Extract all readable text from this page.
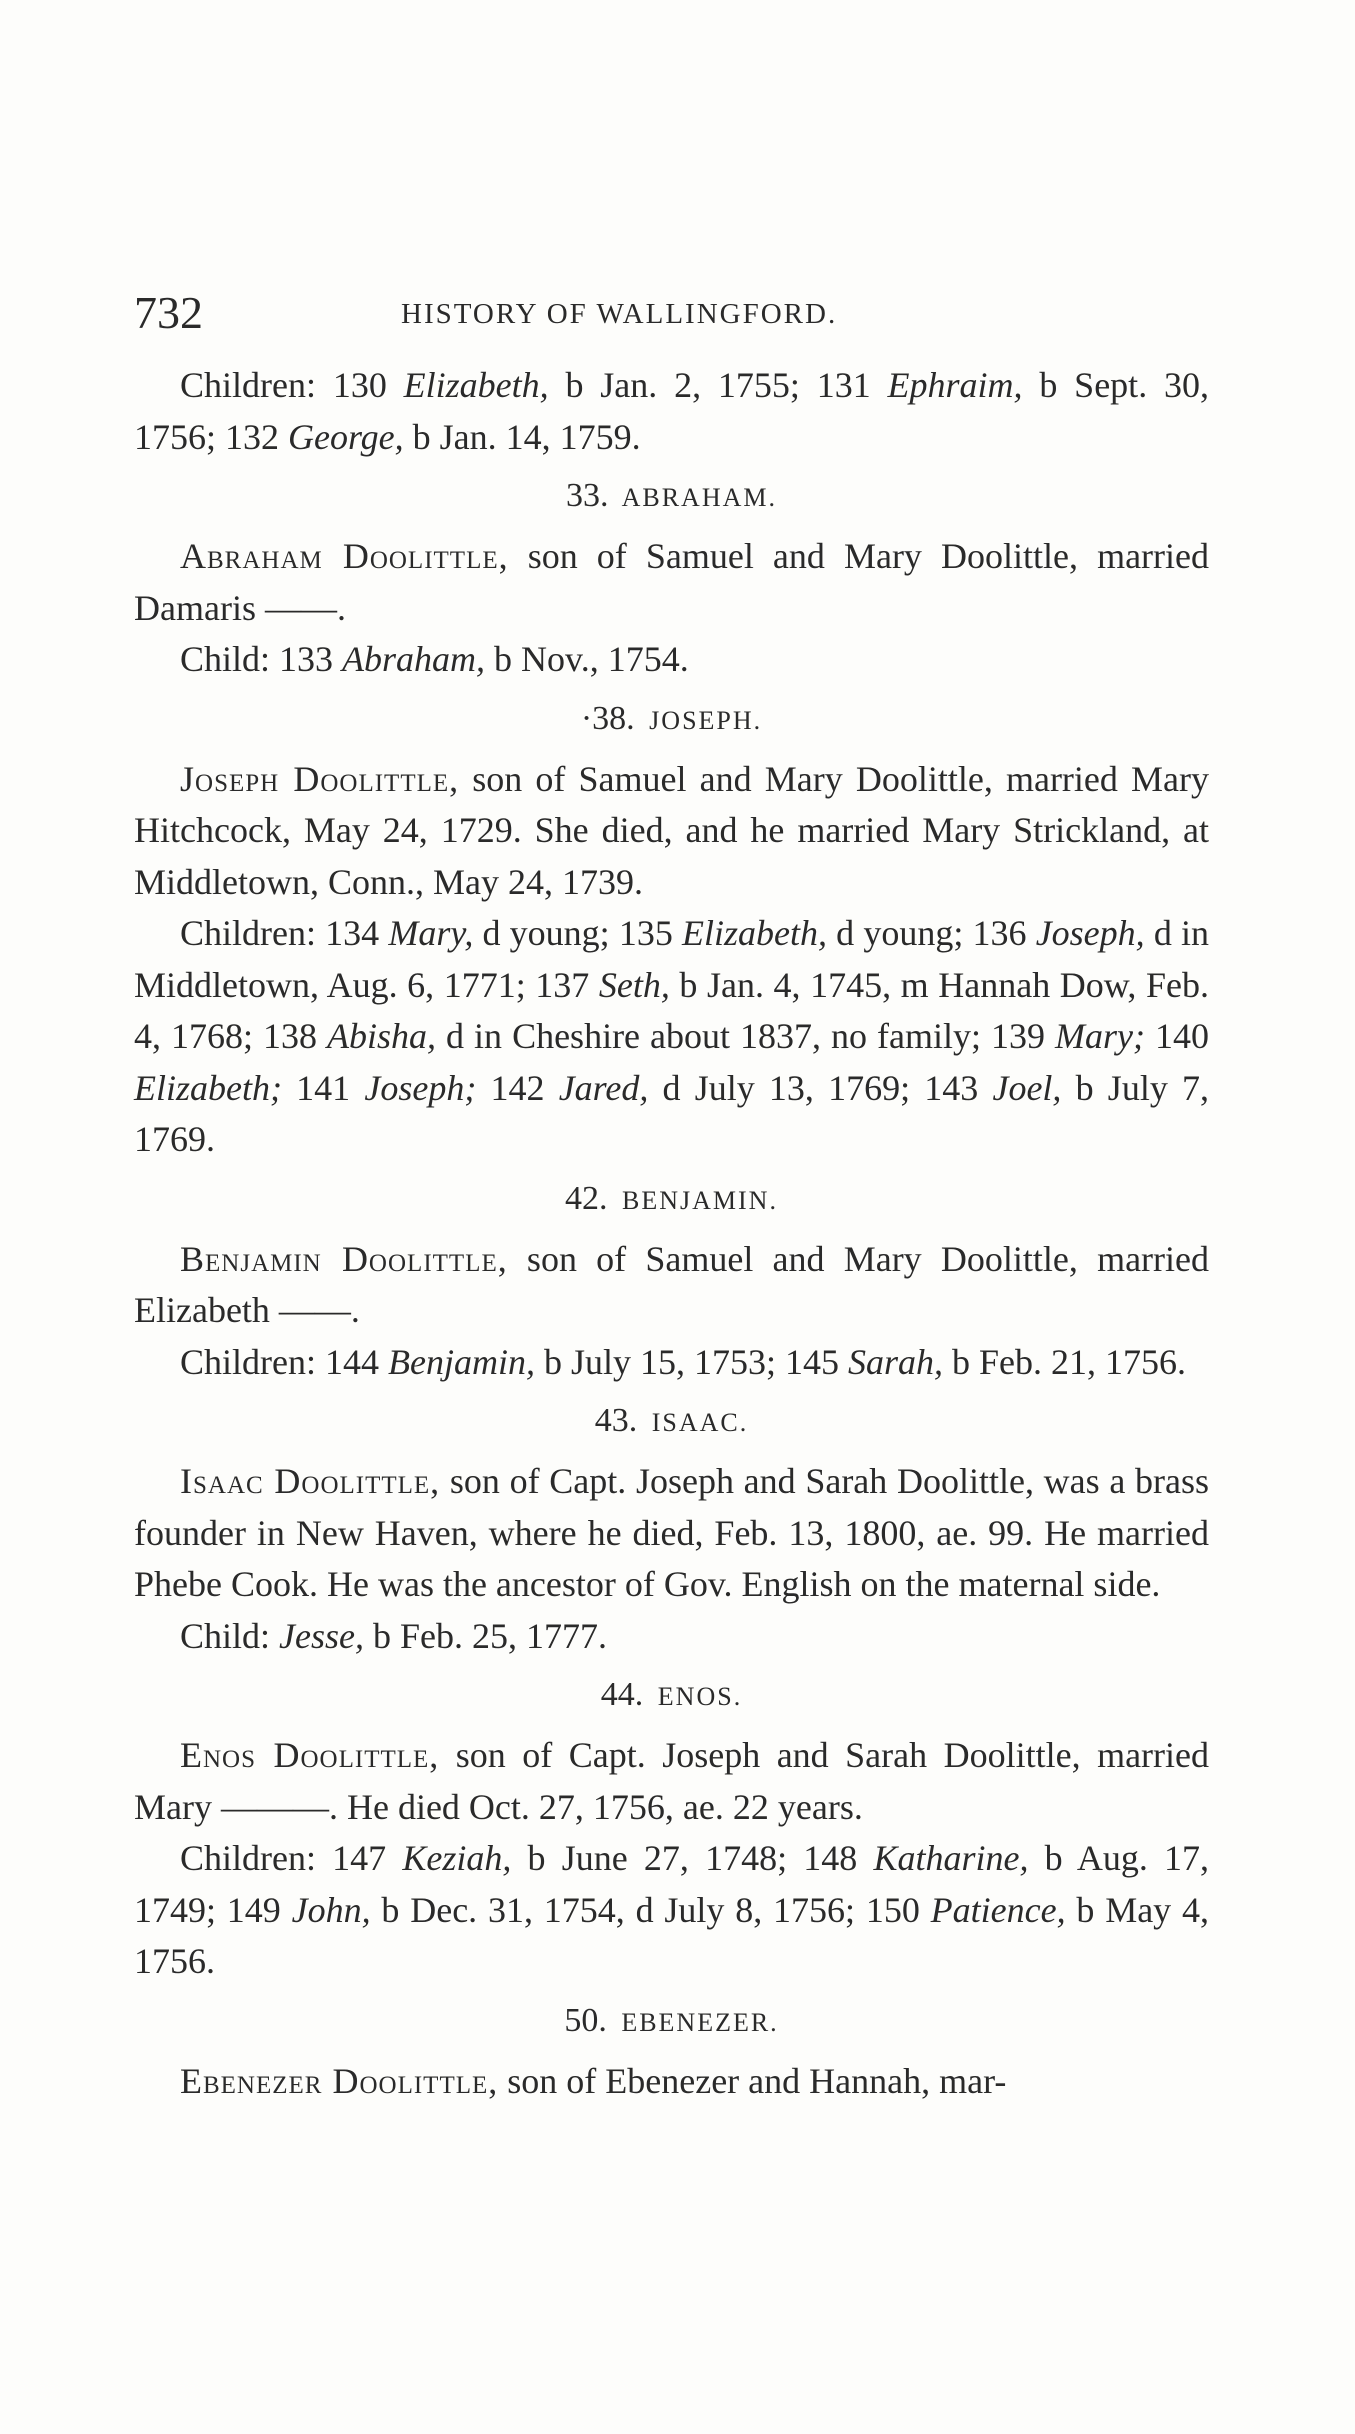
732	HISTORY OF WALLINGFORD.

Children: 130 Elizabeth, b Jan. 2, 1755; 131 Ephraim, b Sept. 30, 1756; 132 George, b Jan. 14, 1759.

33. ABRAHAM.

Abraham Doolittle, son of Samuel and Mary Doolittle, married Damaris ——.

Child: 133 Abraham, b Nov., 1754.

·38. JOSEPH.

Joseph Doolittle, son of Samuel and Mary Doolittle, married Mary Hitchcock, May 24, 1729. She died, and he married Mary Strickland, at Middletown, Conn., May 24, 1739.

Children: 134 Mary, d young; 135 Elizabeth, d young; 136 Joseph, d in Middletown, Aug. 6, 1771; 137 Seth, b Jan. 4, 1745, m Hannah Dow, Feb. 4, 1768; 138 Abisha, d in Cheshire about 1837, no family; 139 Mary; 140 Elizabeth; 141 Joseph; 142 Jared, d July 13, 1769; 143 Joel, b July 7, 1769.

42. BENJAMIN.

Benjamin Doolittle, son of Samuel and Mary Doolittle, married Elizabeth ——.

Children: 144 Benjamin, b July 15, 1753; 145 Sarah, b Feb. 21, 1756.

43. ISAAC.

Isaac Doolittle, son of Capt. Joseph and Sarah Doolittle, was a brass founder in New Haven, where he died, Feb. 13, 1800, ae. 99. He married Phebe Cook. He was the ancestor of Gov. English on the maternal side.

Child: Jesse, b Feb. 25, 1777.

44. ENOS.

Enos Doolittle, son of Capt. Joseph and Sarah Doolittle, married Mary ———. He died Oct. 27, 1756, ae. 22 years.

Children: 147 Keziah, b June 27, 1748; 148 Katharine, b Aug. 17, 1749; 149 John, b Dec. 31, 1754, d July 8, 1756; 150 Patience, b May 4, 1756.

50. EBENEZER.

Ebenezer Doolittle, son of Ebenezer and Hannah, mar-
